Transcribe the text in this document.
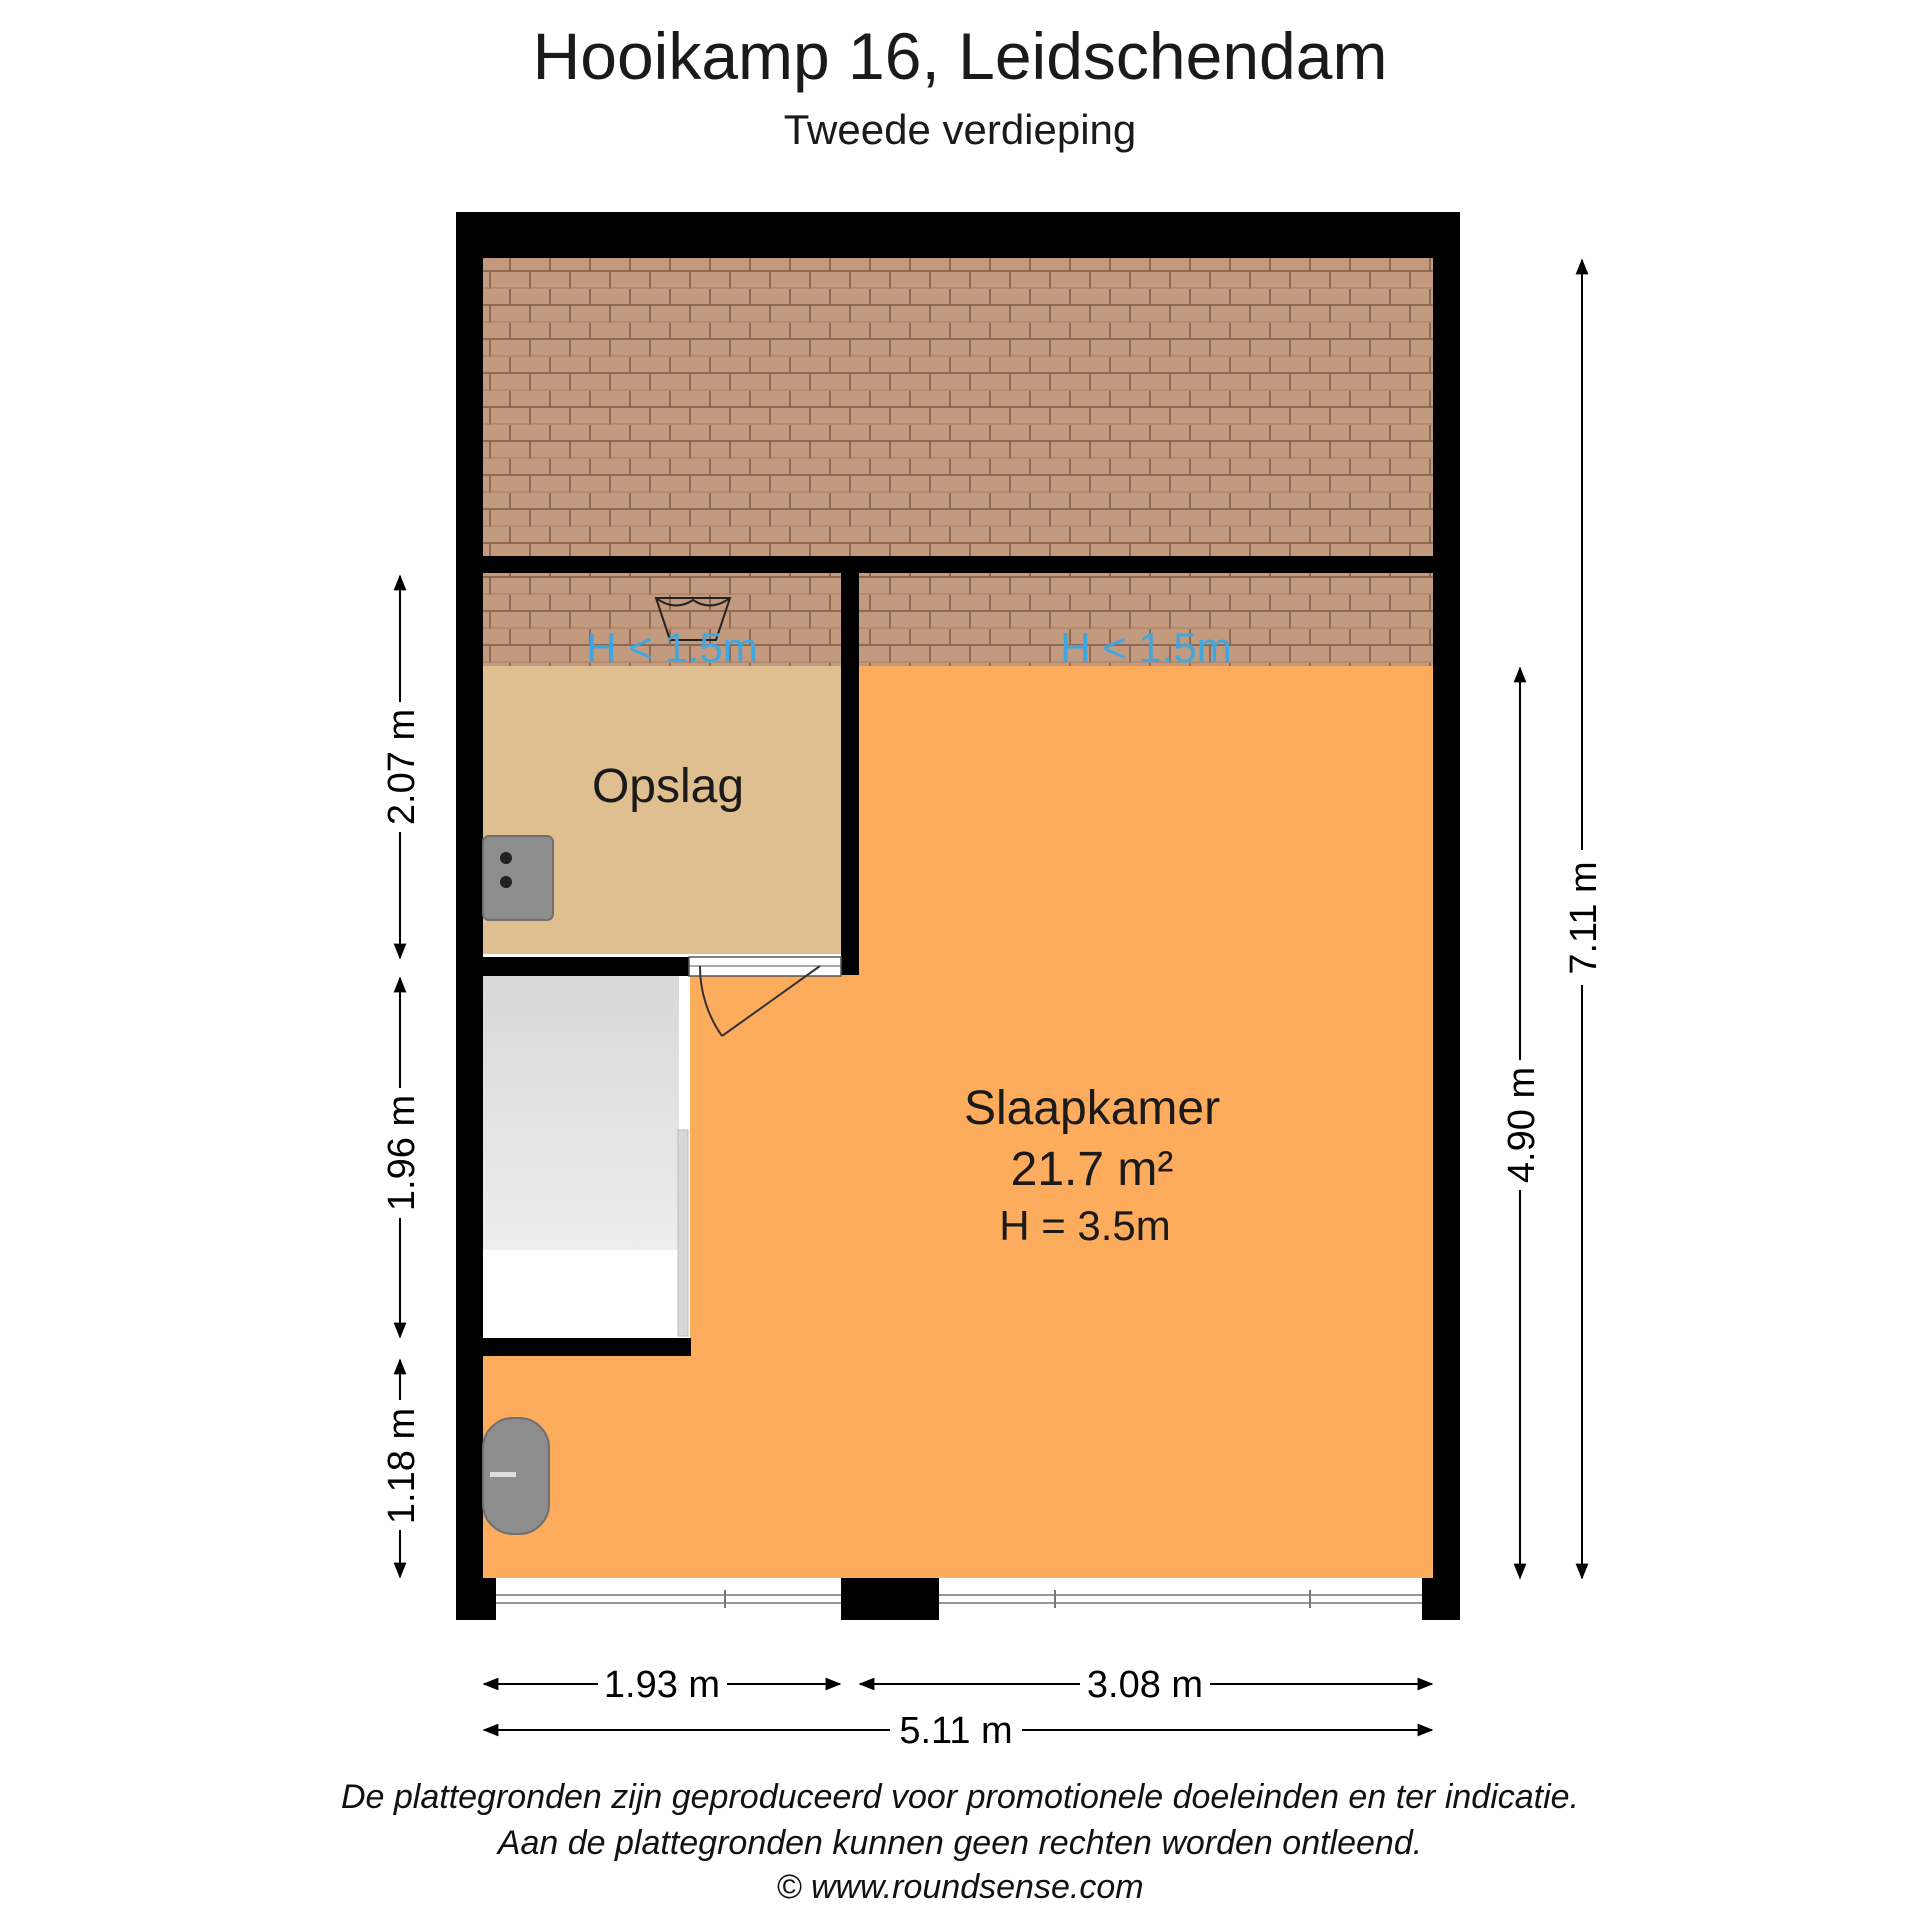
Hooikamp 16, Leidschendam
Tweede verdieping
H < 1.5m	H < 1.5m
Opslag
Slaapkamer
21.7 m²
H = 3.5m
2.07 m
1.96 m
1.18 m
4.90 m
7.11 m
1.93 m	3.08 m
5.11 m
De plattegronden zijn geproduceerd voor promotionele doeleinden en ter indicatie.
Aan de plattegronden kunnen geen rechten worden ontleend.
© www.roundsense.com
